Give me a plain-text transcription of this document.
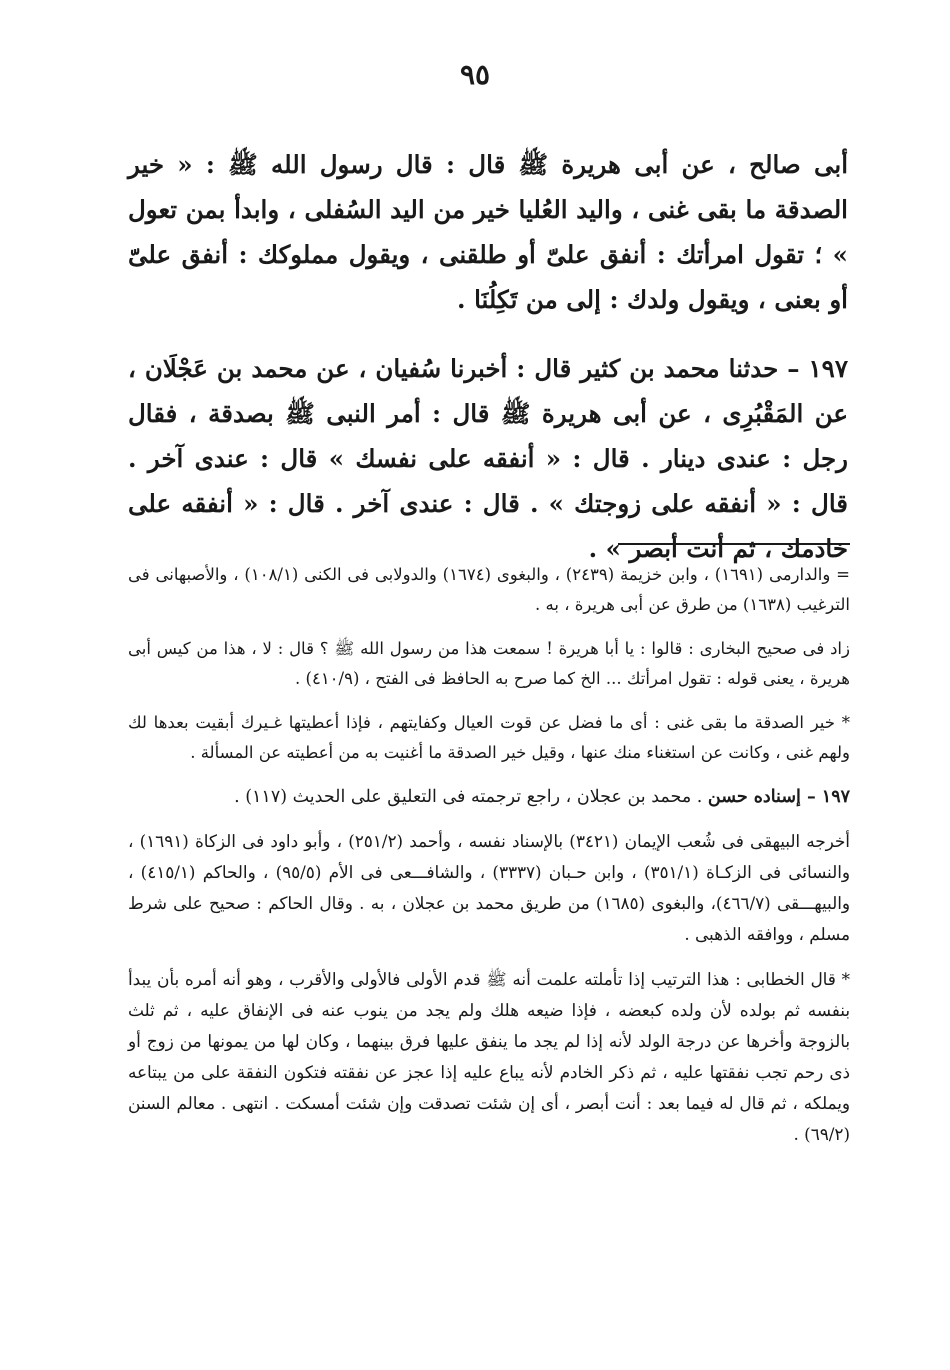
٩٥

أبى صالح ، عن أبى هريرة ﷺ قال : قال رسول الله ﷺ : « خير الصدقة ما بقى غنى ، واليد العُليا خير من اليد السُفلى ، وابدأ بمن تعول » ؛ تقول امرأتك : أنفق علىّ أو طلقنى ، ويقول مملوكك : أنفق علىّ أو بعنى ، ويقول ولدك : إلى من تَكِلُنَا .

١٩٧ – حدثنا محمد بن كثير قال : أخبرنا سُفيان ، عن محمد بن عَجْلَان ، عن المَقْبُرِى ، عن أبى هريرة ﷺ قال : أمر النبى ﷺ بصدقة ، فقال رجل : عندى دينار . قال : « أنفقه على نفسك » قال : عندى آخر . قال : « أنفقه على زوجتك » . قال : عندى آخر . قال : « أنفقه على خادمك ، ثم أنت أبصر » .

= والدارمى (١٦٩١) ، وابن خزيمة (٢٤٣٩) ، والبغوى (١٦٧٤) والدولابى فى الكنى (١٠٨/١) ، والأصبهانى فى الترغيب (١٦٣٨) من طرق عن أبى هريرة ، به .

زاد فى صحيح البخارى : قالوا : يا أبا هريرة ! سمعت هذا من رسول الله ﷺ ؟ قال : لا ، هذا من كيس أبى هريرة ، يعنى قوله : تقول امرأتك ... الخ كما صرح به الحافظ فى الفتح ، (٤١٠/٩) .

* خير الصدقة ما بقى غنى : أى ما فضل عن قوت العيال وكفايتهم ، فإذا أعطيتها غـيرك أبقيت بعدها لك ولهم غنى ، وكانت عن استغناء منك عنها ، وقيل خير الصدقة ما أغنيت به من أعطيته عن المسألة .

١٩٧ – إسناده حسن . محمد بن عجلان ، راجع ترجمته فى التعليق على الحديث (١١٧) .

أخرجه البيهقى فى شُعب الإيمان (٣٤٢١) بالإسناد نفسه ، وأحمد (٢٥١/٢) ، وأبو داود فى الزكاة (١٦٩١) ، والنسائى فى الزكـاة (٣٥١/١) ، وابن حـبان (٣٣٣٧) ، والشافـــعى فى الأم (٩٥/٥) ، والحاكم (٤١٥/١) ، والبيهـــقى (٤٦٦/٧)، والبغوى (١٦٨٥) من طريق محمد بن عجلان ، به . وقال الحاكم : صحيح على شرط مسلم ، ووافقه الذهبى .

* قال الخطابى : هذا الترتيب إذا تأملته علمت أنه ﷺ قدم الأولى فالأولى والأقرب ، وهو أنه أمره بأن يبدأ بنفسه ثم بولده لأن ولده كبعضه ، فإذا ضيعه هلك ولم يجد من ينوب عنه فى الإنفاق عليه ، ثم ثلث بالزوجة وأخرها عن درجة الولد لأنه إذا لم يجد ما ينفق عليها فرق بينهما ، وكان لها من يمونها من زوج أو ذى رحم تجب نفقتها عليه ، ثم ذكر الخادم لأنه يباع عليه إذا عجز عن نفقته فتكون النفقة على من يبتاعه ويملكه ، ثم قال له فيما بعد : أنت أبصر ، أى إن شئت تصدقت وإن شئت أمسكت . انتهى . معالم السنن (٦٩/٢) .
